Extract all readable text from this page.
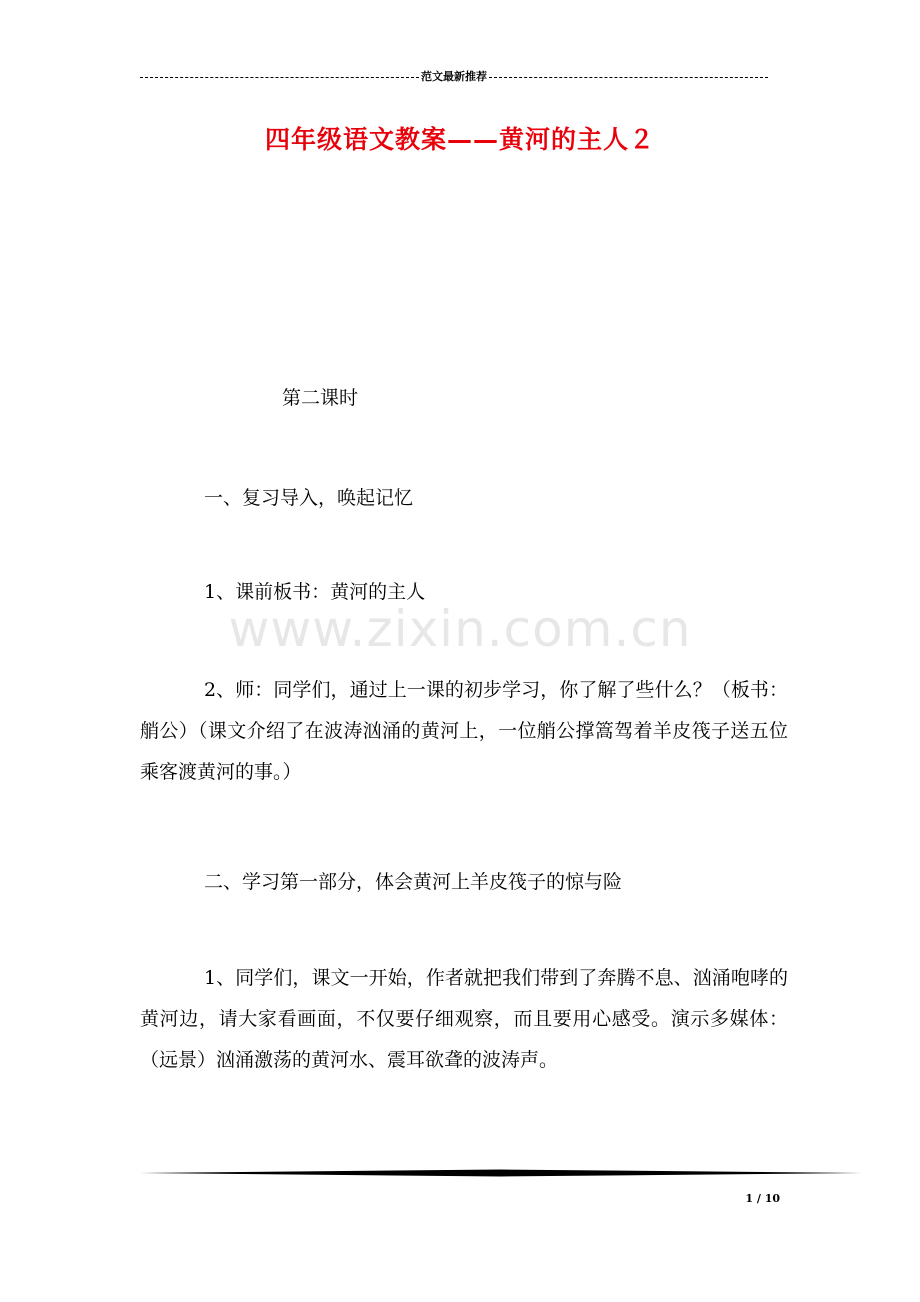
范文最新推荐
四年级语文教案——黄河的主人２
第二课时
一、复习导入，唤起记忆
1、课前板书：黄河的主人
2、师：同学们，通过上一课的初步学习，你了解了些什么？（板书：艄公）（课文介绍了在波涛汹涌的黄河上，一位艄公撑篙驾着羊皮筏子送五位乘客渡黄河的事。）
二、学习第一部分，体会黄河上羊皮筏子的惊与险
1、同学们，课文一开始，作者就把我们带到了奔腾不息、汹涌咆哮的黄河边，请大家看画面，不仅要仔细观察，而且要用心感受。演示多媒体：（远景）汹涌激荡的黄河水、震耳欲聋的波涛声。
www.zixin.com.cn
1 / 10
